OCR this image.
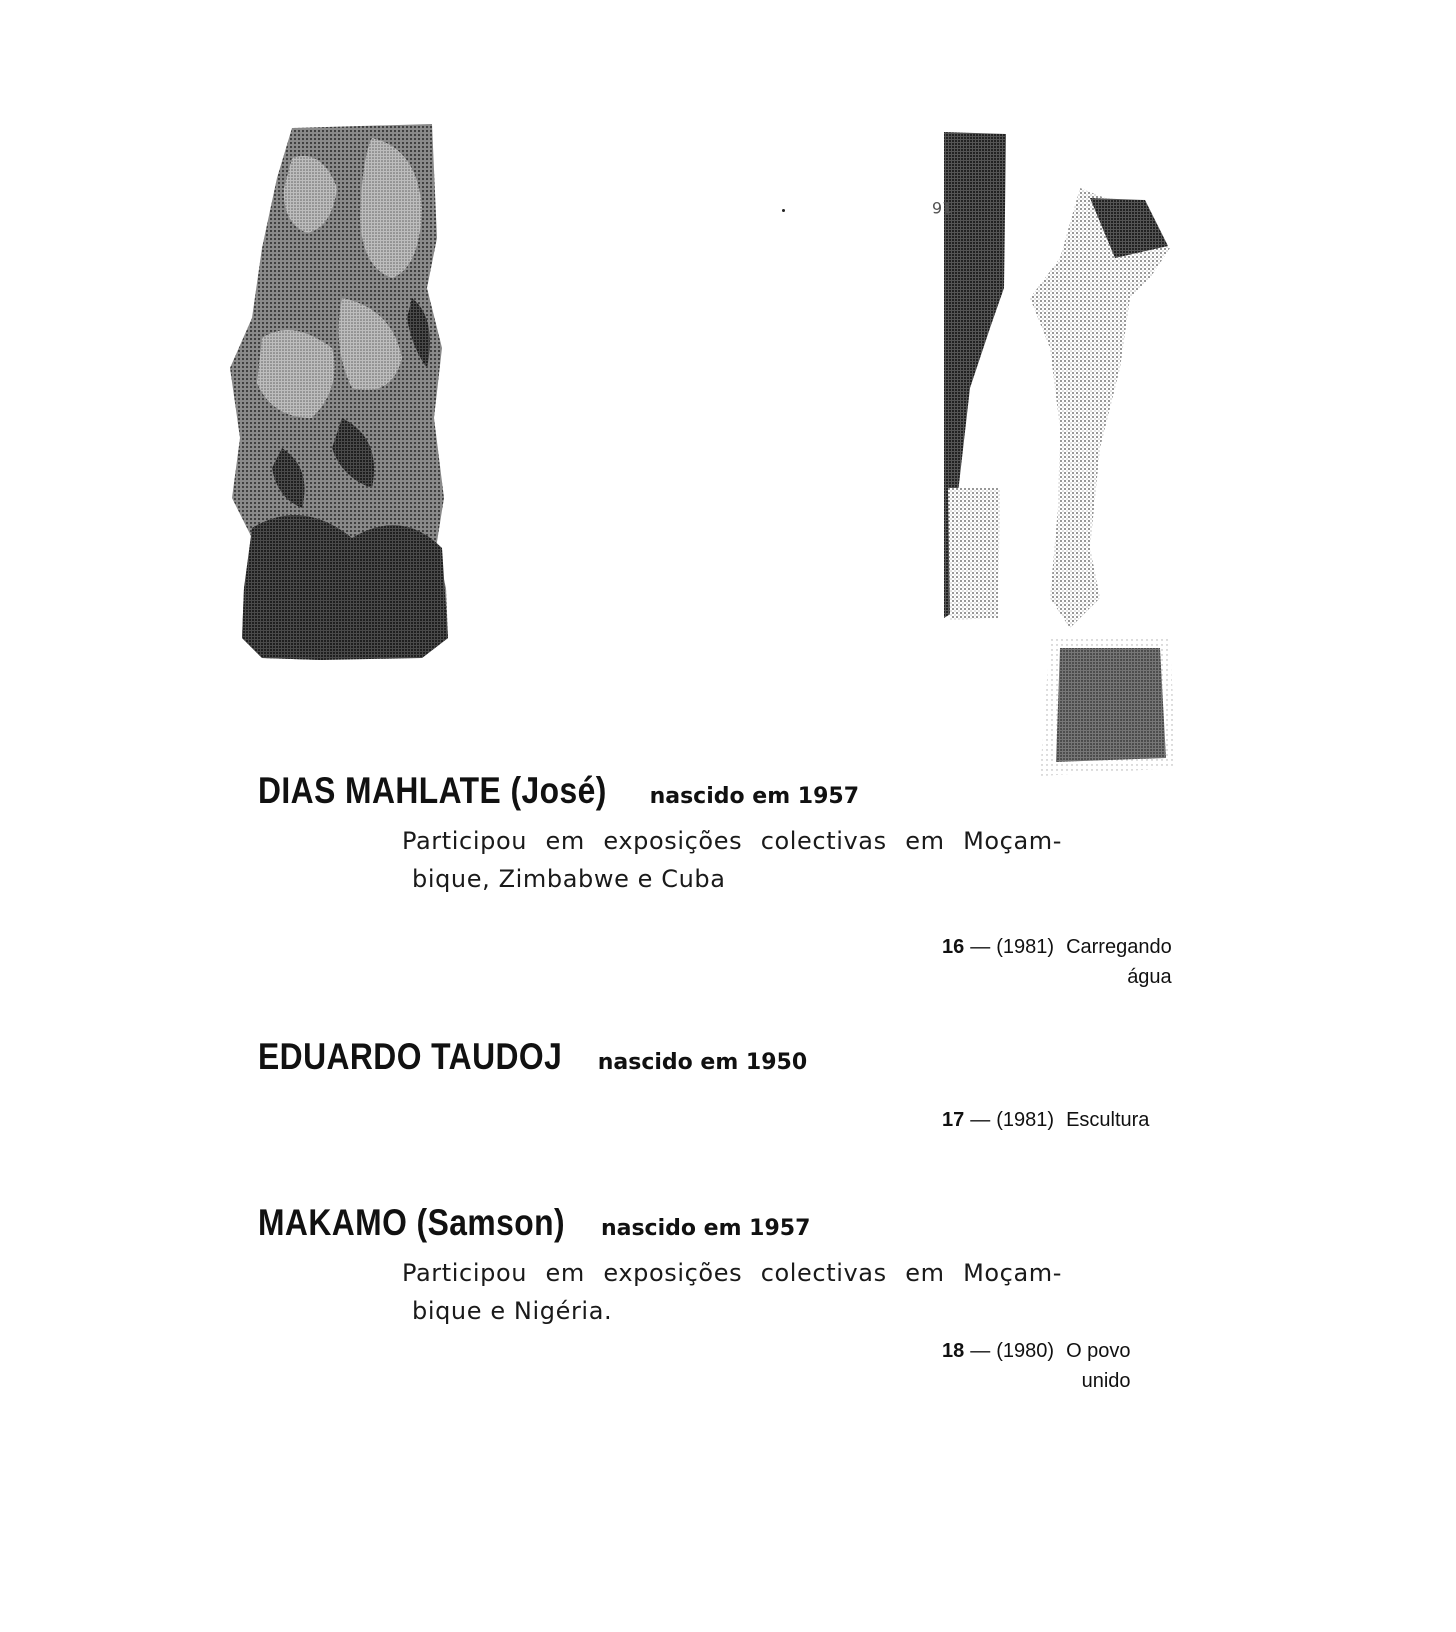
16
DIAS MAHLATE (José) nascido em 1957
Participou em exposições colectivas em Moçam-
bique, Zimbabwe e Cuba
16 — (1981) Carregando
água
EDUARDO TAUDOJ nascido em 1950
17 — (1981) Escultura
MAKAMO (Samson) nascido em 1957
Participou em exposições colectivas em Moçam-
bique e Nigéria.
18 — (1980) O povo
unido
